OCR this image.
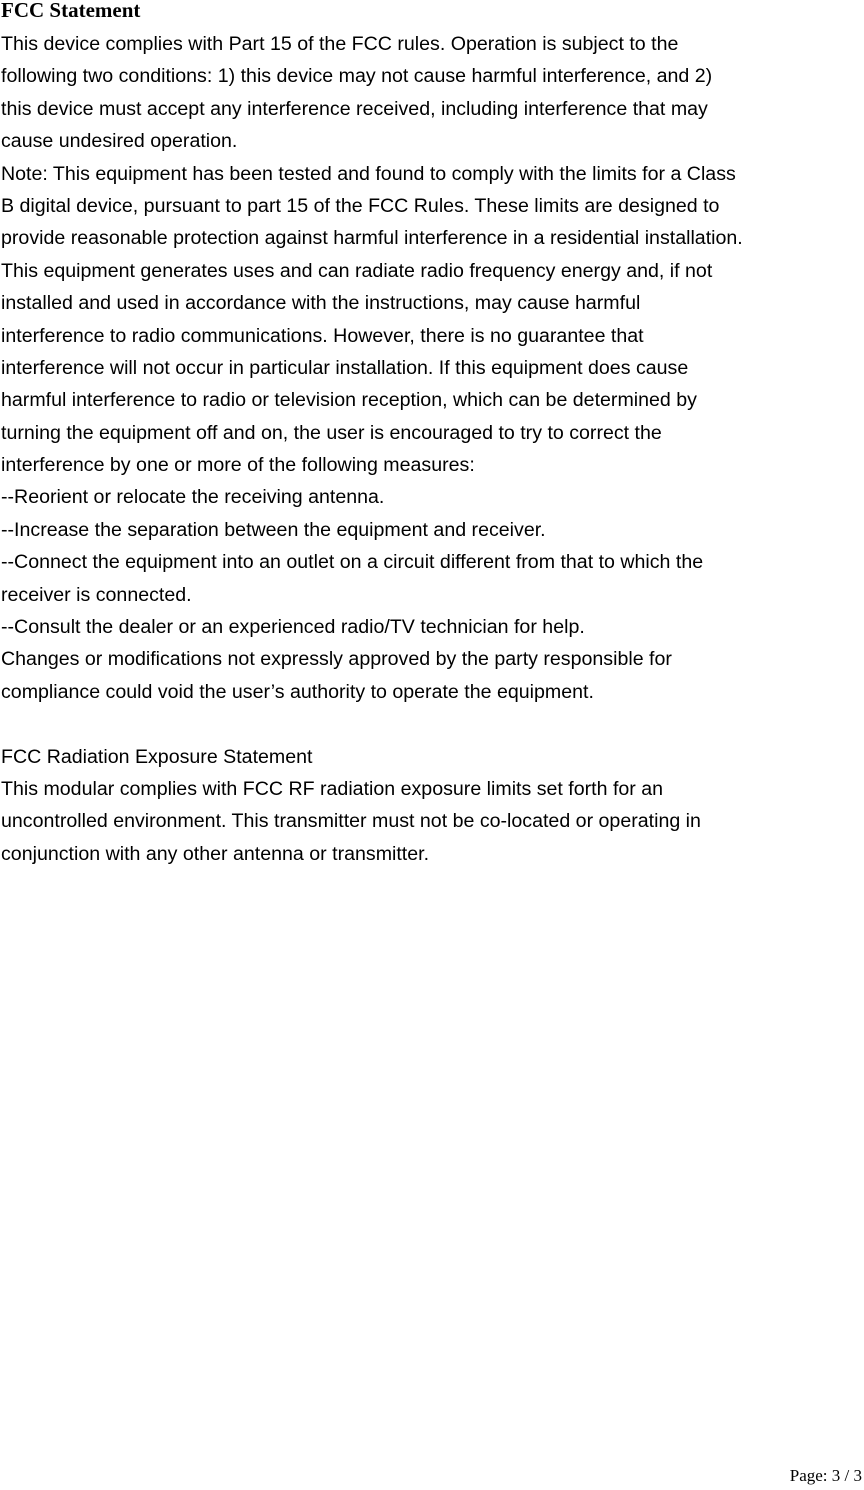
FCC Statement
This device complies with Part 15 of the FCC rules. Operation is subject to the
following two conditions: 1) this device may not cause harmful interference, and 2)
this device must accept any interference received, including interference that may
cause undesired operation.
Note: This equipment has been tested and found to comply with the limits for a Class
B digital device, pursuant to part 15 of the FCC Rules. These limits are designed to
provide reasonable protection against harmful interference in a residential installation.
This equipment generates uses and can radiate radio frequency energy and, if not
installed and used in accordance with the instructions, may cause harmful
interference to radio communications. However, there is no guarantee that
interference will not occur in particular installation. If this equipment does cause
harmful interference to radio or television reception, which can be determined by
turning the equipment off and on, the user is encouraged to try to correct the
interference by one or more of the following measures:
--Reorient or relocate the receiving antenna.
--Increase the separation between the equipment and receiver.
--Connect the equipment into an outlet on a circuit different from that to which the
receiver is connected.
--Consult the dealer or an experienced radio/TV technician for help.
Changes or modifications not expressly approved by the party responsible for
compliance could void the user’s authority to operate the equipment.
FCC Radiation Exposure Statement
This modular complies with FCC RF radiation exposure limits set forth for an
uncontrolled environment. This transmitter must not be co-located or operating in
conjunction with any other antenna or transmitter.
Page: 3 / 3
